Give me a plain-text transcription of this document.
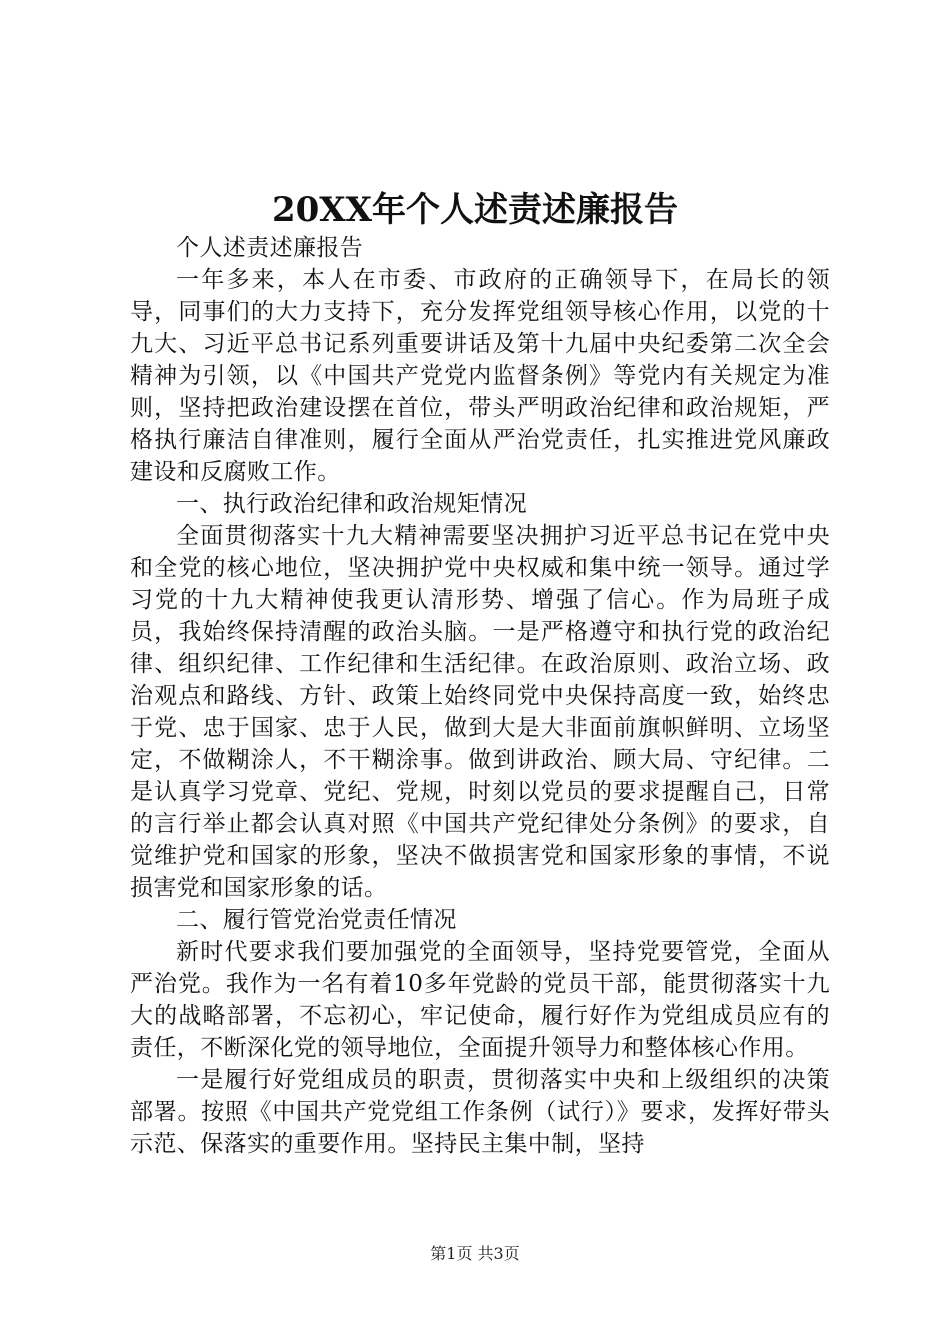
20XX年个人述责述廉报告

个人述责述廉报告

一年多来，本人在市委、市政府的正确领导下，在局长的领导，同事们的大力支持下，充分发挥党组领导核心作用，以党的十九大、习近平总书记系列重要讲话及第十九届中央纪委第二次全会精神为引领，以《中国共产党党内监督条例》等党内有关规定为准则，坚持把政治建设摆在首位，带头严明政治纪律和政治规矩，严格执行廉洁自律准则，履行全面从严治党责任，扎实推进党风廉政建设和反腐败工作。

一、执行政治纪律和政治规矩情况

全面贯彻落实十九大精神需要坚决拥护习近平总书记在党中央和全党的核心地位，坚决拥护党中央权威和集中统一领导。通过学习党的十九大精神使我更认清形势、增强了信心。作为局班子成员，我始终保持清醒的政治头脑。一是严格遵守和执行党的政治纪律、组织纪律、工作纪律和生活纪律。在政治原则、政治立场、政治观点和路线、方针、政策上始终同党中央保持高度一致，始终忠于党、忠于国家、忠于人民，做到大是大非面前旗帜鲜明、立场坚定，不做糊涂人，不干糊涂事。做到讲政治、顾大局、守纪律。二是认真学习党章、党纪、党规，时刻以党员的要求提醒自己，日常的言行举止都会认真对照《中国共产党纪律处分条例》的要求，自觉维护党和国家的形象，坚决不做损害党和国家形象的事情，不说损害党和国家形象的话。

二、履行管党治党责任情况

新时代要求我们要加强党的全面领导，坚持党要管党，全面从严治党。我作为一名有着10多年党龄的党员干部，能贯彻落实十九大的战略部署，不忘初心，牢记使命，履行好作为党组成员应有的责任，不断深化党的领导地位，全面提升领导力和整体核心作用。

一是履行好党组成员的职责，贯彻落实中央和上级组织的决策部署。按照《中国共产党党组工作条例（试行）》要求，发挥好带头示范、保落实的重要作用。坚持民主集中制，坚持

第1页 共3页
